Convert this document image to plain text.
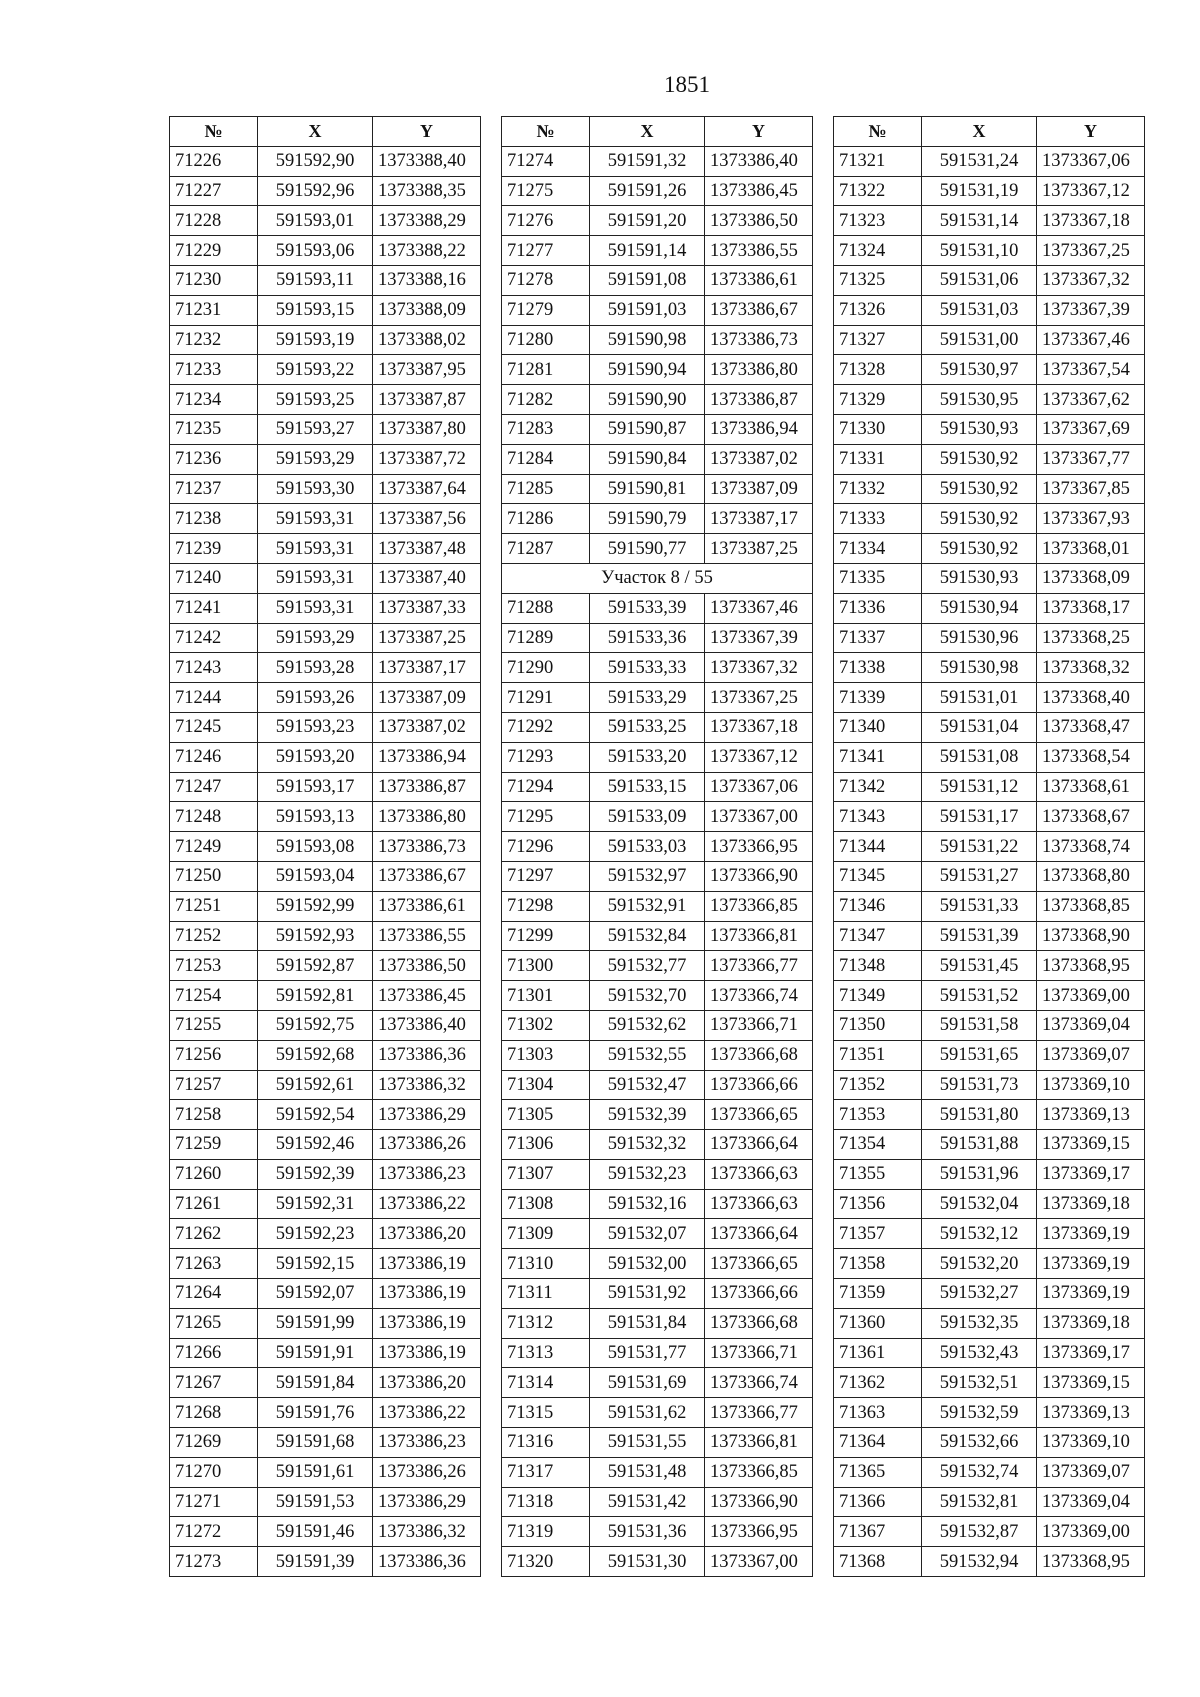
1851
№	X	Y
71226	591592,90	1373388,40
71227	591592,96	1373388,35
71228	591593,01	1373388,29
71229	591593,06	1373388,22
71230	591593,11	1373388,16
71231	591593,15	1373388,09
71232	591593,19	1373388,02
71233	591593,22	1373387,95
71234	591593,25	1373387,87
71235	591593,27	1373387,80
71236	591593,29	1373387,72
71237	591593,30	1373387,64
71238	591593,31	1373387,56
71239	591593,31	1373387,48
71240	591593,31	1373387,40
71241	591593,31	1373387,33
71242	591593,29	1373387,25
71243	591593,28	1373387,17
71244	591593,26	1373387,09
71245	591593,23	1373387,02
71246	591593,20	1373386,94
71247	591593,17	1373386,87
71248	591593,13	1373386,80
71249	591593,08	1373386,73
71250	591593,04	1373386,67
71251	591592,99	1373386,61
71252	591592,93	1373386,55
71253	591592,87	1373386,50
71254	591592,81	1373386,45
71255	591592,75	1373386,40
71256	591592,68	1373386,36
71257	591592,61	1373386,32
71258	591592,54	1373386,29
71259	591592,46	1373386,26
71260	591592,39	1373386,23
71261	591592,31	1373386,22
71262	591592,23	1373386,20
71263	591592,15	1373386,19
71264	591592,07	1373386,19
71265	591591,99	1373386,19
71266	591591,91	1373386,19
71267	591591,84	1373386,20
71268	591591,76	1373386,22
71269	591591,68	1373386,23
71270	591591,61	1373386,26
71271	591591,53	1373386,29
71272	591591,46	1373386,32
71273	591591,39	1373386,36
№	X	Y
71274	591591,32	1373386,40
71275	591591,26	1373386,45
71276	591591,20	1373386,50
71277	591591,14	1373386,55
71278	591591,08	1373386,61
71279	591591,03	1373386,67
71280	591590,98	1373386,73
71281	591590,94	1373386,80
71282	591590,90	1373386,87
71283	591590,87	1373386,94
71284	591590,84	1373387,02
71285	591590,81	1373387,09
71286	591590,79	1373387,17
71287	591590,77	1373387,25
Участок 8 / 55		
71288	591533,39	1373367,46
71289	591533,36	1373367,39
71290	591533,33	1373367,32
71291	591533,29	1373367,25
71292	591533,25	1373367,18
71293	591533,20	1373367,12
71294	591533,15	1373367,06
71295	591533,09	1373367,00
71296	591533,03	1373366,95
71297	591532,97	1373366,90
71298	591532,91	1373366,85
71299	591532,84	1373366,81
71300	591532,77	1373366,77
71301	591532,70	1373366,74
71302	591532,62	1373366,71
71303	591532,55	1373366,68
71304	591532,47	1373366,66
71305	591532,39	1373366,65
71306	591532,32	1373366,64
71307	591532,23	1373366,63
71308	591532,16	1373366,63
71309	591532,07	1373366,64
71310	591532,00	1373366,65
71311	591531,92	1373366,66
71312	591531,84	1373366,68
71313	591531,77	1373366,71
71314	591531,69	1373366,74
71315	591531,62	1373366,77
71316	591531,55	1373366,81
71317	591531,48	1373366,85
71318	591531,42	1373366,90
71319	591531,36	1373366,95
71320	591531,30	1373367,00
№	X	Y
71321	591531,24	1373367,06
71322	591531,19	1373367,12
71323	591531,14	1373367,18
71324	591531,10	1373367,25
71325	591531,06	1373367,32
71326	591531,03	1373367,39
71327	591531,00	1373367,46
71328	591530,97	1373367,54
71329	591530,95	1373367,62
71330	591530,93	1373367,69
71331	591530,92	1373367,77
71332	591530,92	1373367,85
71333	591530,92	1373367,93
71334	591530,92	1373368,01
71335	591530,93	1373368,09
71336	591530,94	1373368,17
71337	591530,96	1373368,25
71338	591530,98	1373368,32
71339	591531,01	1373368,40
71340	591531,04	1373368,47
71341	591531,08	1373368,54
71342	591531,12	1373368,61
71343	591531,17	1373368,67
71344	591531,22	1373368,74
71345	591531,27	1373368,80
71346	591531,33	1373368,85
71347	591531,39	1373368,90
71348	591531,45	1373368,95
71349	591531,52	1373369,00
71350	591531,58	1373369,04
71351	591531,65	1373369,07
71352	591531,73	1373369,10
71353	591531,80	1373369,13
71354	591531,88	1373369,15
71355	591531,96	1373369,17
71356	591532,04	1373369,18
71357	591532,12	1373369,19
71358	591532,20	1373369,19
71359	591532,27	1373369,19
71360	591532,35	1373369,18
71361	591532,43	1373369,17
71362	591532,51	1373369,15
71363	591532,59	1373369,13
71364	591532,66	1373369,10
71365	591532,74	1373369,07
71366	591532,81	1373369,04
71367	591532,87	1373369,00
71368	591532,94	1373368,95
